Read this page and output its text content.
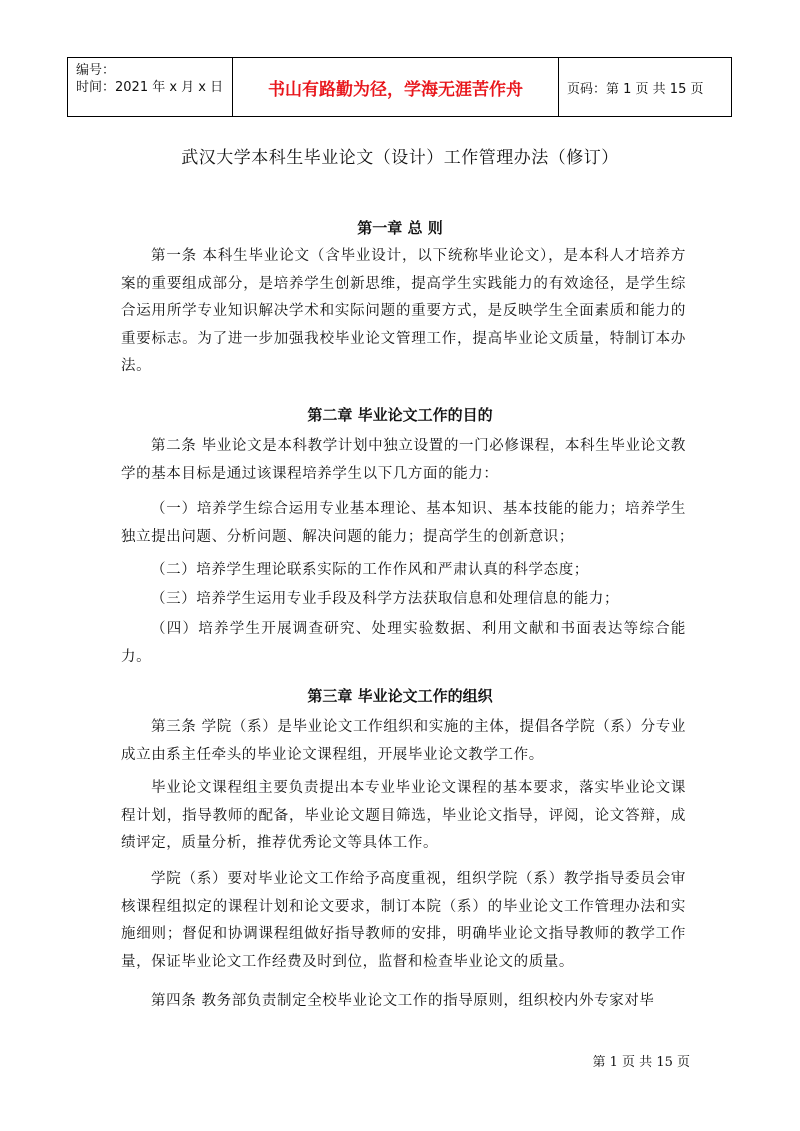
编号：
时间：2021 年 x 月 x 日	书山有路勤为径，学海无涯苦作舟	页码：第 1 页 共 15 页
武汉大学本科生毕业论文（设计）工作管理办法（修订）
第一章 总 则

第一条 本科生毕业论文（含毕业设计，以下统称毕业论文），是本科人才培养方案的重要组成部分，是培养学生创新思维，提高学生实践能力的有效途径，是学生综合运用所学专业知识解决学术和实际问题的重要方式，是反映学生全面素质和能力的重要标志。为了进一步加强我校毕业论文管理工作，提高毕业论文质量，特制订本办法。

第二章 毕业论文工作的目的

第二条 毕业论文是本科教学计划中独立设置的一门必修课程，本科生毕业论文教学的基本目标是通过该课程培养学生以下几方面的能力：

（一）培养学生综合运用专业基本理论、基本知识、基本技能的能力；培养学生独立提出问题、分析问题、解决问题的能力；提高学生的创新意识；

（二）培养学生理论联系实际的工作作风和严肃认真的科学态度；

（三）培养学生运用专业手段及科学方法获取信息和处理信息的能力；

（四）培养学生开展调查研究、处理实验数据、利用文献和书面表达等综合能力。

第三章 毕业论文工作的组织

第三条 学院（系）是毕业论文工作组织和实施的主体，提倡各学院（系）分专业成立由系主任牵头的毕业论文课程组，开展毕业论文教学工作。

毕业论文课程组主要负责提出本专业毕业论文课程的基本要求，落实毕业论文课程计划，指导教师的配备，毕业论文题目筛选，毕业论文指导，评阅，论文答辩，成绩评定，质量分析，推荐优秀论文等具体工作。

学院（系）要对毕业论文工作给予高度重视，组织学院（系）教学指导委员会审核课程组拟定的课程计划和论文要求，制订本院（系）的毕业论文工作管理办法和实施细则；督促和协调课程组做好指导教师的安排，明确毕业论文指导教师的教学工作量，保证毕业论文工作经费及时到位，监督和检查毕业论文的质量。

第四条 教务部负责制定全校毕业论文工作的指导原则，组织校内外专家对毕

第 1 页 共 15 页
